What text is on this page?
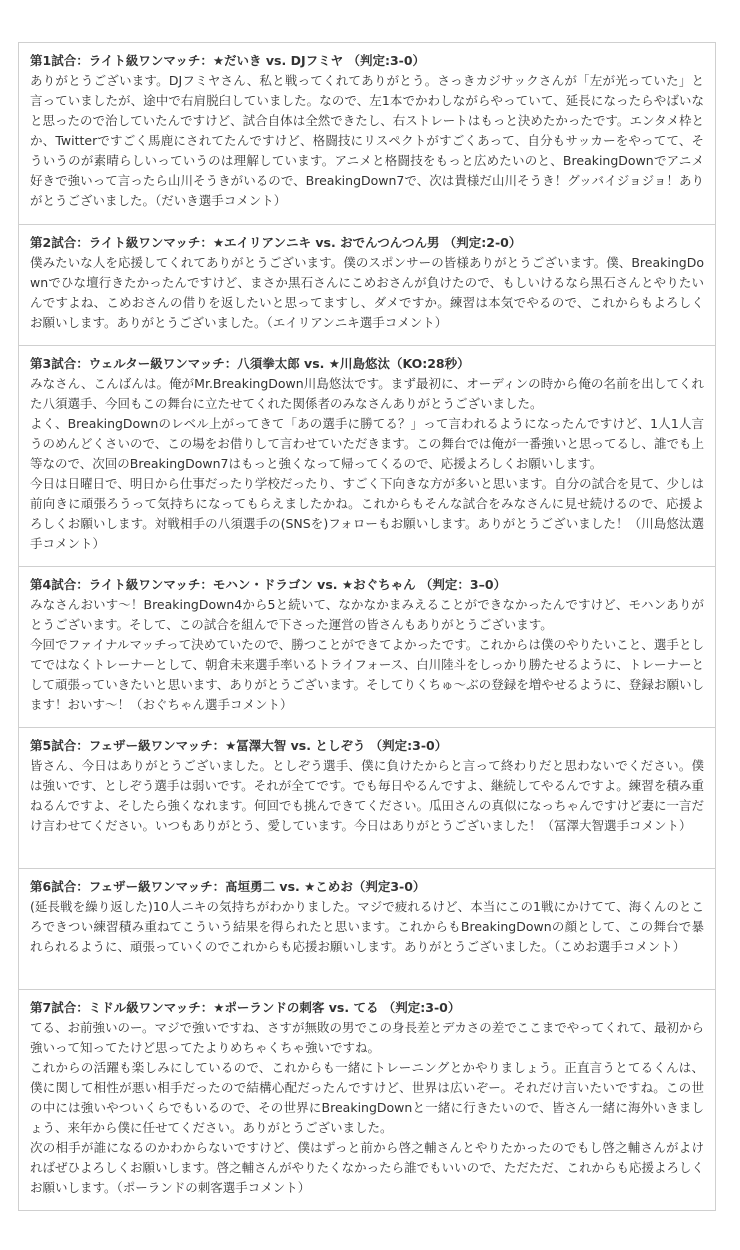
第1試合：ライト級ワンマッチ：★だいき vs. DJフミヤ （判定:3-0）

ありがとうございます。DJフミヤさん、私と戦ってくれてありがとう。さっきカジサックさんが「左が光っていた」と言っていましたが、途中で右肩脱臼していました。なので、左1本でかわしながらやっていて、延長になったらやばいなと思ったので治していたんですけど、試合自体は全然できたし、右ストレートはもっと決めたかったです。エンタメ枠とか、Twitterですごく馬鹿にされてたんですけど、格闘技にリスペクトがすごくあって、自分もサッカーをやってて、そういうのが素晴らしいっていうのは理解しています。アニメと格闘技をもっと広めたいのと、BreakingDownでアニメ好きで強いって言ったら山川そうきがいるので、BreakingDown7で、次は貴様だ山川そうき！グッバイジョジョ！ありがとうございました。（だいき選手コメント）

第2試合：ライト級ワンマッチ：★エイリアンニキ vs. おでんつんつん男 （判定:2-0）

僕みたいな人を応援してくれてありがとうございます。僕のスポンサーの皆様ありがとうございます。僕、BreakingDownでひな壇行きたかったんですけど、まさか黒石さんにこめおさんが負けたので、もしいけるなら黒石さんとやりたいんですよね、こめおさんの借りを返したいと思ってますし、ダメですか。練習は本気でやるので、これからもよろしくお願いします。ありがとうございました。（エイリアンニキ選手コメント）

第3試合：ウェルター級ワンマッチ：八須拳太郎 vs. ★川島悠汰（KO:28秒）

みなさん、こんばんは。俺がMr.BreakingDown川島悠汰です。まず最初に、オーディンの時から俺の名前を出してくれた八須選手、今回もこの舞台に立たせてくれた関係者のみなさんありがとうございました。

よく、BreakingDownのレベル上がってきて「あの選手に勝てる？」って言われるようになったんですけど、1人1人言うのめんどくさいので、この場をお借りして言わせていただきます。この舞台では俺が一番強いと思ってるし、誰でも上等なので、次回のBreakingDown7はもっと強くなって帰ってくるので、応援よろしくお願いします。

今日は日曜日で、明日から仕事だったり学校だったり、すごく下向きな方が多いと思います。自分の試合を見て、少しは前向きに頑張ろうって気持ちになってもらえましたかね。これからもそんな試合をみなさんに見せ続けるので、応援よろしくお願いします。対戦相手の八須選手の(SNSを)フォローもお願いします。ありがとうございました！（川島悠汰選手コメント）

第4試合：ライト級ワンマッチ：モハン・ドラゴン vs. ★おぐちゃん （判定：3–0）

みなさんおいす〜！BreakingDown4から5と続いて、なかなかまみえることができなかったんですけど、モハンありがとうございます。そして、この試合を組んで下さった運営の皆さんもありがとうございます。

今回でファイナルマッチって決めていたので、勝つことができてよかったです。これからは僕のやりたいこと、選手としてではなくトレーナーとして、朝倉未来選手率いるトライフォース、白川陸斗をしっかり勝たせるように、トレーナーとして頑張っていきたいと思います、ありがとうございます。そしてりくちゅ〜ぶの登録を増やせるように、登録お願いします！おいす〜！（おぐちゃん選手コメント）

第5試合：フェザー級ワンマッチ：★冨澤大智 vs. としぞう （判定:3-0）

皆さん、今日はありがとうございました。としぞう選手、僕に負けたからと言って終わりだと思わないでください。僕は強いです、としぞう選手は弱いです。それが全てです。でも毎日やるんですよ、継続してやるんですよ。練習を積み重ねるんですよ、そしたら強くなれます。何回でも挑んできてください。瓜田さんの真似になっちゃんですけど妻に一言だけ言わせてください。いつもありがとう、愛しています。今日はありがとうございました！（冨澤大智選手コメント）

第6試合：フェザー級ワンマッチ：髙垣勇二 vs. ★こめお（判定3-0）

(延長戦を繰り返した)10人ニキの気持ちがわかりました。マジで疲れるけど、本当にこの1戦にかけてて、海くんのところできつい練習積み重ねてこういう結果を得られたと思います。これからもBreakingDownの顔として、この舞台で暴れられるように、頑張っていくのでこれからも応援お願いします。ありがとうございました。（こめお選手コメント）

第7試合：ミドル級ワンマッチ：★ポーランドの刺客 vs. てる （判定:3-0）

てる、お前強いのー。マジで強いですね、さすが無敗の男でこの身長差とデカさの差でここまでやってくれて、最初から強いって知ってたけど思ってたよりめちゃくちゃ強いですね。

これからの活躍も楽しみにしているので、これからも一緒にトレーニングとかやりましょう。正直言うとてるくんは、僕に関して相性が悪い相手だったので結構心配だったんですけど、世界は広いぞー。それだけ言いたいですね。この世の中には強いやついくらでもいるので、その世界にBreakingDownと一緒に行きたいので、皆さん一緒に海外いきましょう、来年から僕に任せてください。ありがとうございました。

次の相手が誰になるのかわからないですけど、僕はずっと前から啓之輔さんとやりたかったのでもし啓之輔さんがよければぜひよろしくお願いします。啓之輔さんがやりたくなかったら誰でもいいので、ただただ、これからも応援よろしくお願いします。（ポーランドの刺客選手コメント）
